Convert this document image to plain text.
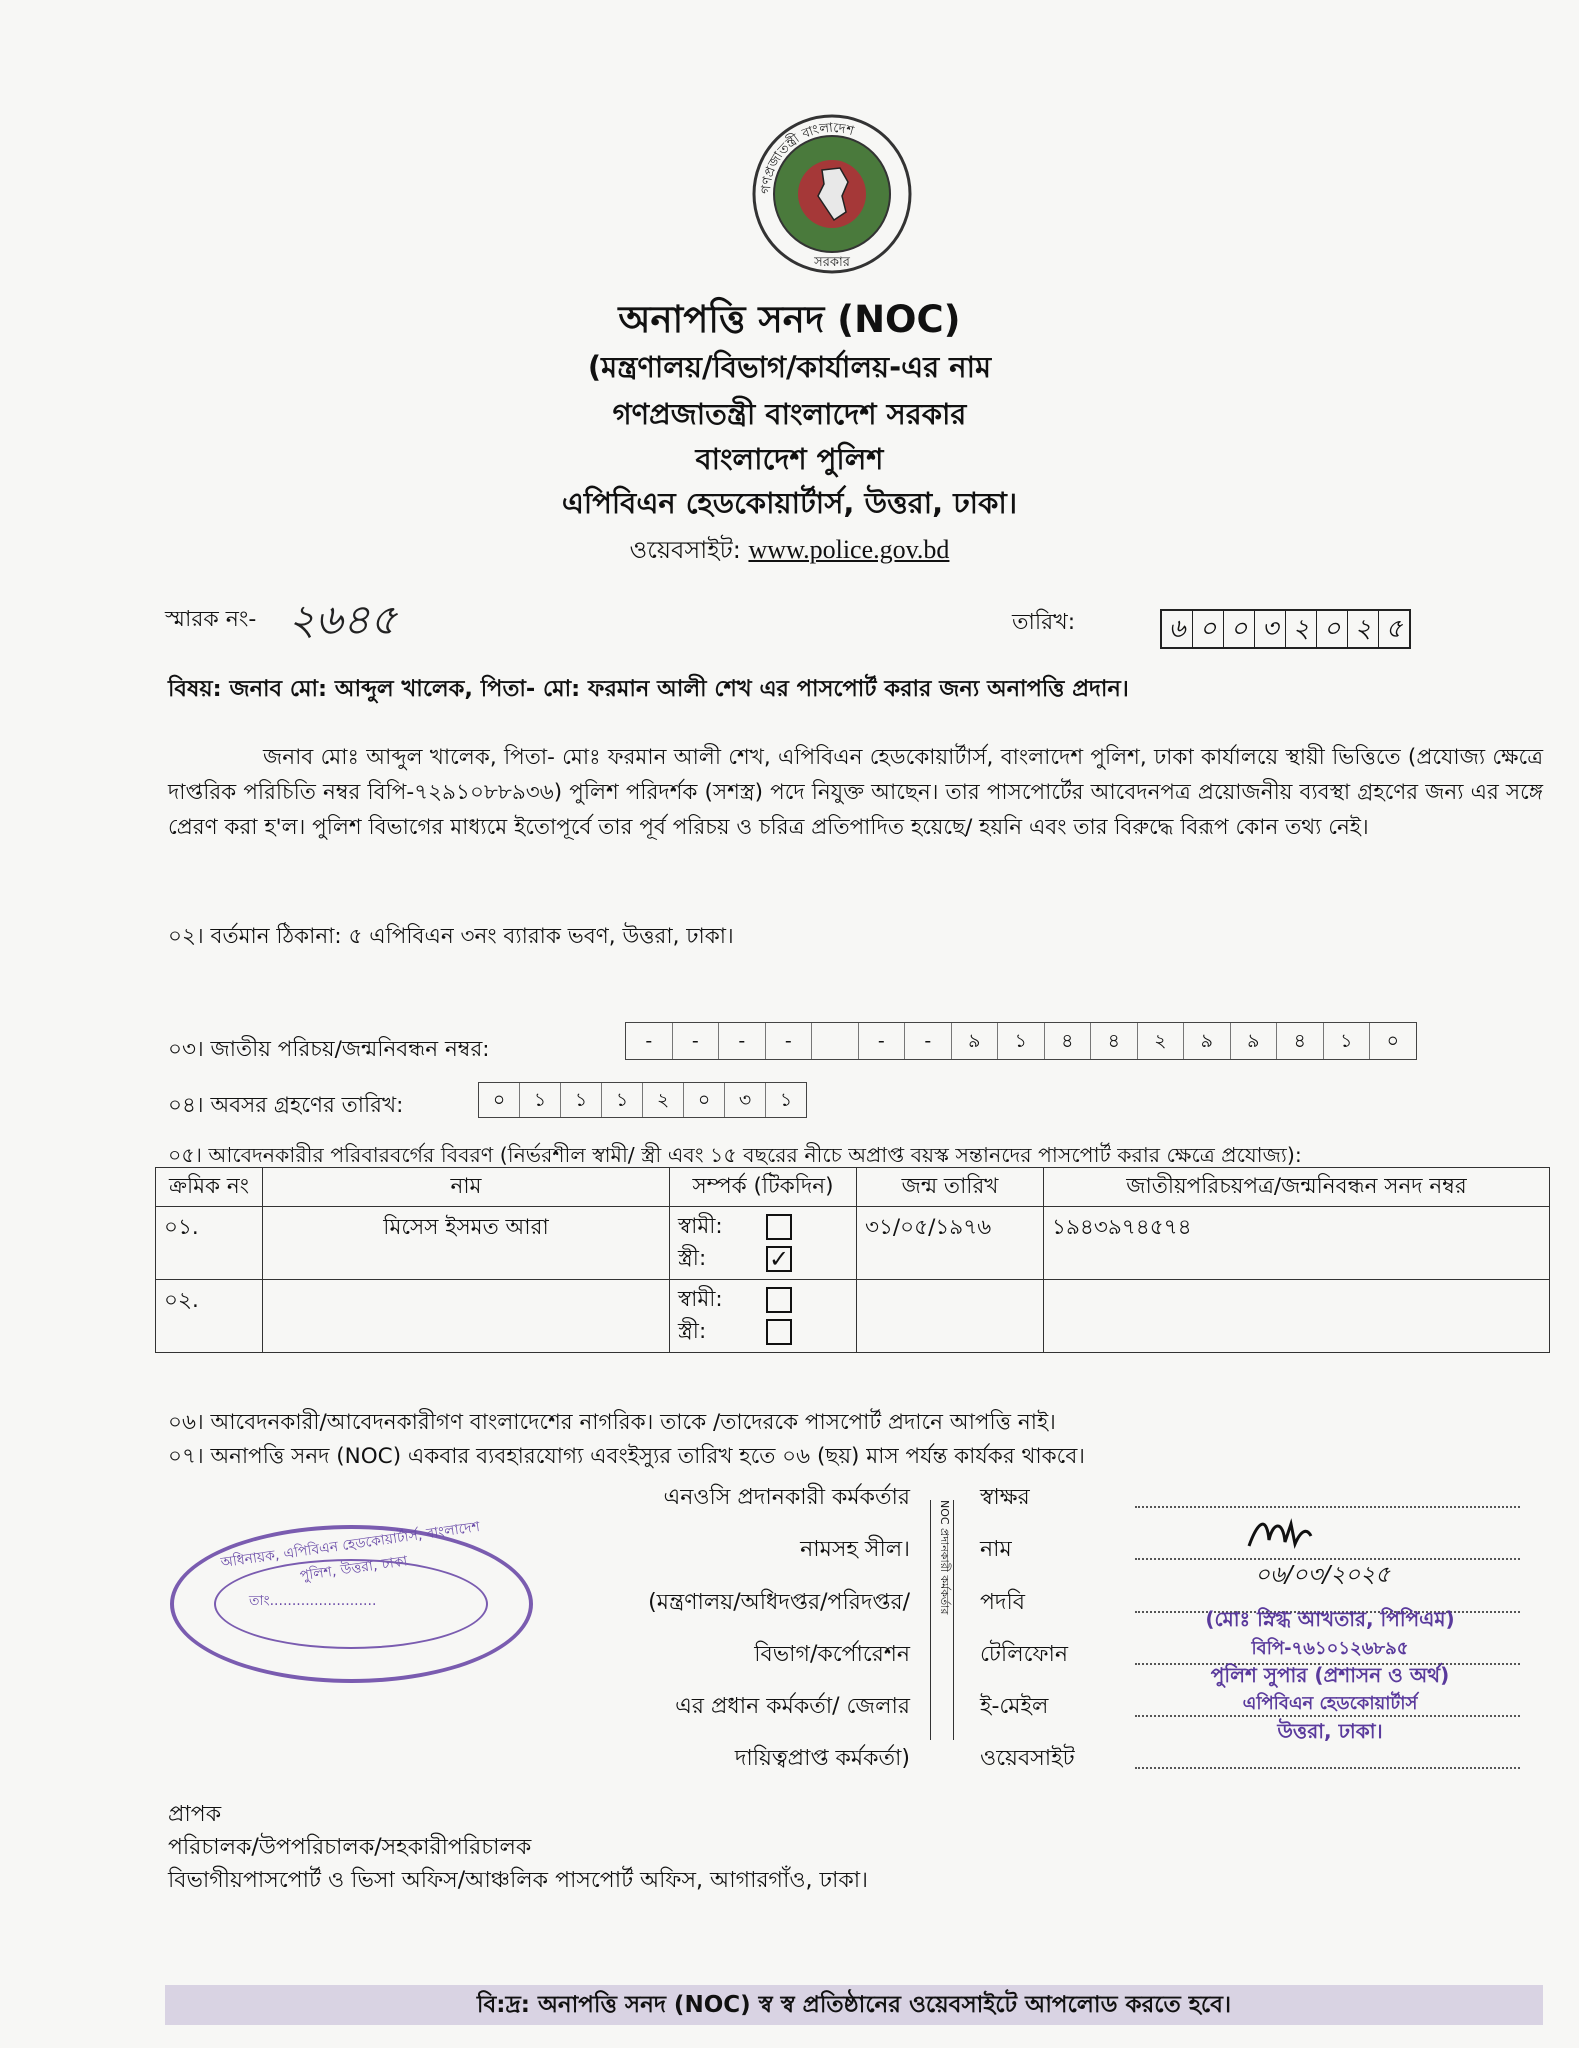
গণপ্রজাতন্ত্রী বাংলাদেশ
সরকার
অনাপত্তি সনদ (NOC)
(মন্ত্রণালয়/বিভাগ/কার্যালয়-এর নাম
গণপ্রজাতন্ত্রী বাংলাদেশ সরকার
বাংলাদেশ পুলিশ
এপিবিএন হেডকোয়ার্টার্স, উত্তরা, ঢাকা।
ওয়েবসাইট: www.police.gov.bd
স্মারক নং- ২৬৪৫	তারিখ:	৬ ০ ০ ৩ ২ ০ ২ ৫
বিষয়: জনাব মো: আব্দুল খালেক, পিতা- মো: ফরমান আলী শেখ এর পাসপোর্ট করার জন্য অনাপত্তি প্রদান।
জনাব মোঃ আব্দুল খালেক, পিতা- মোঃ ফরমান আলী শেখ, এপিবিএন হেডকোয়ার্টার্স, বাংলাদেশ পুলিশ, ঢাকা কার্যালয়ে স্থায়ী ভিত্তিতে (প্রযোজ্য ক্ষেত্রে দাপ্তরিক পরিচিতি নম্বর বিপি-৭২৯১০৮৮৯৩৬) পুলিশ পরিদর্শক (সশস্ত্র) পদে নিযুক্ত আছেন। তার পাসপোর্টের আবেদনপত্র প্রয়োজনীয় ব্যবস্থা গ্রহণের জন্য এর সঙ্গে প্রেরণ করা হ'ল। পুলিশ বিভাগের মাধ্যমে ইতোপূর্বে তার পূর্ব পরিচয় ও চরিত্র প্রতিপাদিত হয়েছে/ হয়নি এবং তার বিরুদ্ধে বিরূপ কোন তথ্য নেই।
০২। বর্তমান ঠিকানা: ৫ এপিবিএন ৩নং ব্যারাক ভবণ, উত্তরা, ঢাকা।
০৩। জাতীয় পরিচয়/জন্মনিবন্ধন নম্বর:	-	-	-	-	-	-	৯	১	৪	৪	২	৯	৯	৪	১	০
০৪। অবসর গ্রহণের তারিখ:	০	১	১	১	২	০	৩	১
০৫। আবেদনকারীর পরিবারবর্গের বিবরণ (নির্ভরশীল স্বামী/ স্ত্রী এবং ১৫ বছরের নীচে অপ্রাপ্ত বয়স্ক সন্তানদের পাসপোর্ট করার ক্ষেত্রে প্রযোজ্য):
ক্রমিক নং	নাম	সম্পর্ক (টিকদিন)	জন্ম তারিখ	জাতীয়পরিচয়পত্র/জন্মনিবন্ধন সনদ নম্বর
০১.	মিসেস ইসমত আরা	স্বামী:
স্ত্রী: ✓	৩১/০৫/১৯৭৬	১৯৪৩৯৭৪৫৭৪
০২.		স্বামী:
স্ত্রী:		

০৬। আবেদনকারী/আবেদনকারীগণ বাংলাদেশের নাগরিক। তাকে /তাদেরকে পাসপোর্ট প্রদানে আপত্তি নাই।
০৭। অনাপত্তি সনদ (NOC) একবার ব্যবহারযোগ্য এবংইস্যুর তারিখ হতে ০৬ (ছয়) মাস পর্যন্ত কার্যকর থাকবে।
এনওসি প্রদানকারী কর্মকর্তার
নামসহ সীল।
(মন্ত্রণালয়/অধিদপ্তর/পরিদপ্তর/
বিভাগ/কর্পোরেশন
এর প্রধান কর্মকর্তা/ জেলার
দায়িত্বপ্রাপ্ত কর্মকর্তা)
NOC প্রদানকারী কর্মকর্তার
স্বাক্ষর
নাম
পদবি
টেলিফোন
ই-মেইল
ওয়েবসাইট
০৬/০৩/২০২৫
(মোঃ স্নিগ্ধ আখতার, পিপিএম)
বিপি-৭৬১০১২৬৮৯৫
পুলিশ সুপার (প্রশাসন ও অর্থ)
এপিবিএন হেডকোয়ার্টার্স
উত্তরা, ঢাকা।
অধিনায়ক, এপিবিএন হেডকোয়ার্টার্স, বাংলাদেশ পুলিশ, উত্তরা, ঢাকা
তাং........................
প্রাপক
পরিচালক/উপপরিচালক/সহকারীপরিচালক
বিভাগীয়পাসপোর্ট ও ভিসা অফিস/আঞ্চলিক পাসপোর্ট অফিস, আগারগাঁও, ঢাকা।
বি:দ্র: অনাপত্তি সনদ (NOC) স্ব স্ব প্রতিষ্ঠানের ওয়েবসাইটে আপলোড করতে হবে।
